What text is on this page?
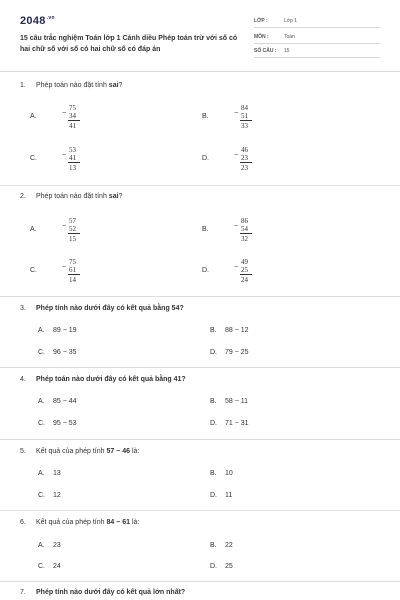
$2048^{.vn}$
15 câu trắc nghiệm Toán lớp 1 Cánh diều Phép toán trừ với số có hai chữ số với số có hai chữ số có đáp án
LỚP :	Lớp 1
MÔN :	Toán
SỐ CÂU : 15
1. Phép toán nào đặt tính sai?
A.	−
75
34
41
B.	−
84
51
33
C.	−
53
41
13
D.	−
46
23
23
2. Phép toán nào đặt tính sai?
A.	−
57
52
15
B.	−
86
54
32
C.	−
75
61
14
D.	−
49
25
24
3. Phép tính nào dưới đây có kết quả bằng 54?
A. 89 − 19	B. 88 − 12
C. 96 − 35	D. 79 − 25
4. Phép toán nào dưới đây có kết quả bằng 41?
A. 85 − 44	B. 58 − 11
C. 95 − 53	D. 71 − 31
5. Kết quả của phép tính 57 − 46 là:
A. 13	B. 10
C. 12	D. 11
6. Kết quả của phép tính 84 − 61 là:
A. 23	B. 22
C. 24	D. 25
7. Phép tính nào dưới đây có kết quả lớn nhất?
